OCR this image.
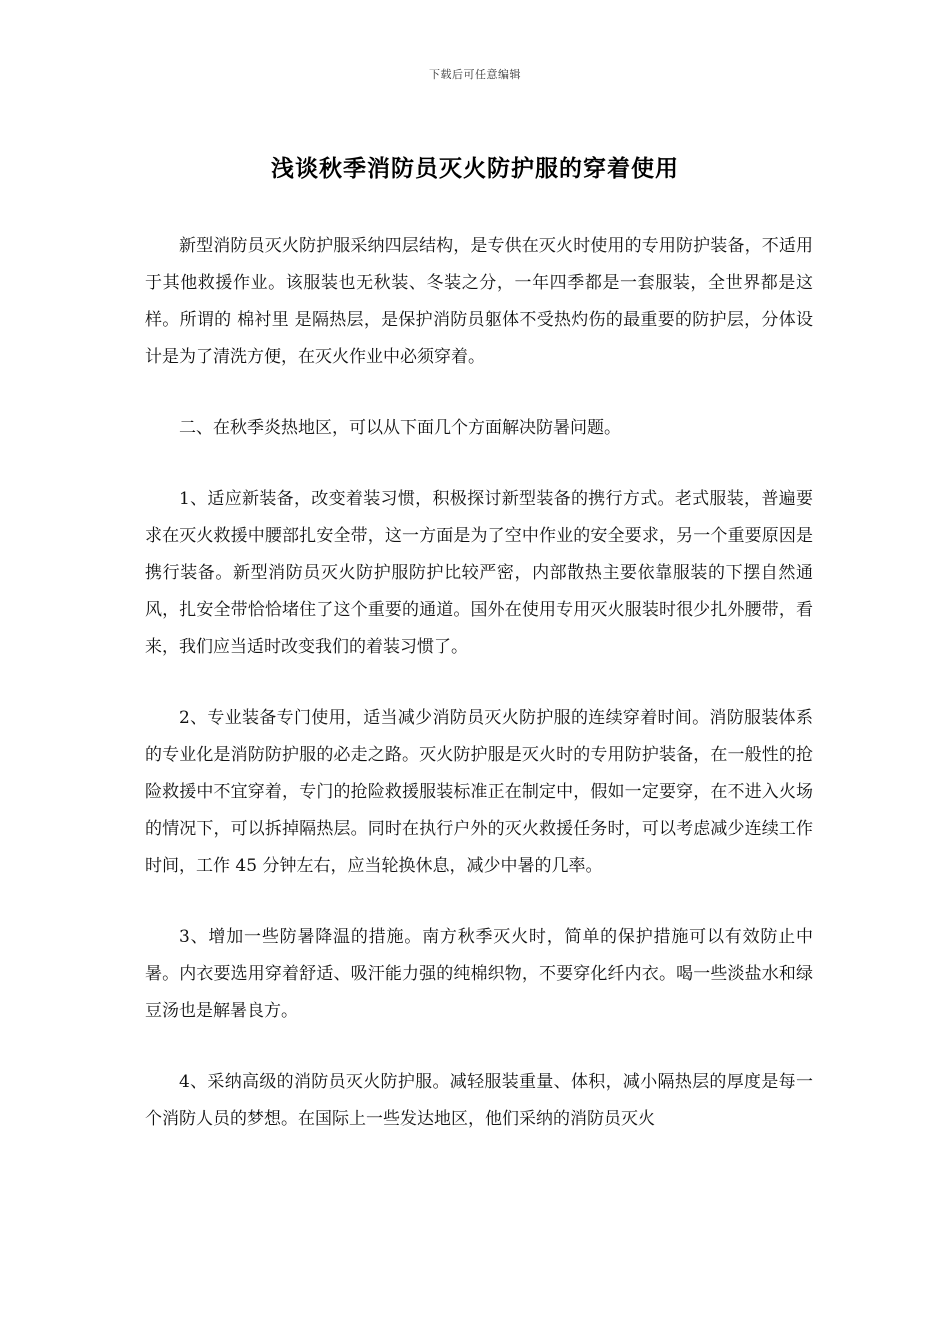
下载后可任意编辑
浅谈秋季消防员灭火防护服的穿着使用

新型消防员灭火防护服采纳四层结构，是专供在灭火时使用的专用防护装备，不适用于其他救援作业。该服装也无秋装、冬装之分，一年四季都是一套服装，全世界都是这样。所谓的 棉衬里 是隔热层，是保护消防员躯体不受热灼伤的最重要的防护层，分体设计是为了清洗方便，在灭火作业中必须穿着。

二、在秋季炎热地区，可以从下面几个方面解决防暑问题。

1、适应新装备，改变着装习惯，积极探讨新型装备的携行方式。老式服装，普遍要求在灭火救援中腰部扎安全带，这一方面是为了空中作业的安全要求，另一个重要原因是携行装备。新型消防员灭火防护服防护比较严密，内部散热主要依靠服装的下摆自然通风，扎安全带恰恰堵住了这个重要的通道。国外在使用专用灭火服装时很少扎外腰带，看来，我们应当适时改变我们的着装习惯了。

2、专业装备专门使用，适当减少消防员灭火防护服的连续穿着时间。消防服装体系的专业化是消防防护服的必走之路。灭火防护服是灭火时的专用防护装备，在一般性的抢险救援中不宜穿着，专门的抢险救援服装标准正在制定中，假如一定要穿，在不进入火场的情况下，可以拆掉隔热层。同时在执行户外的灭火救援任务时，可以考虑减少连续工作时间，工作 45 分钟左右，应当轮换休息，减少中暑的几率。

3、增加一些防暑降温的措施。南方秋季灭火时，简单的保护措施可以有效防止中暑。内衣要选用穿着舒适、吸汗能力强的纯棉织物，不要穿化纤内衣。喝一些淡盐水和绿豆汤也是解暑良方。

4、采纳高级的消防员灭火防护服。减轻服装重量、体积，减小隔热层的厚度是每一个消防人员的梦想。在国际上一些发达地区，他们采纳的消防员灭火
